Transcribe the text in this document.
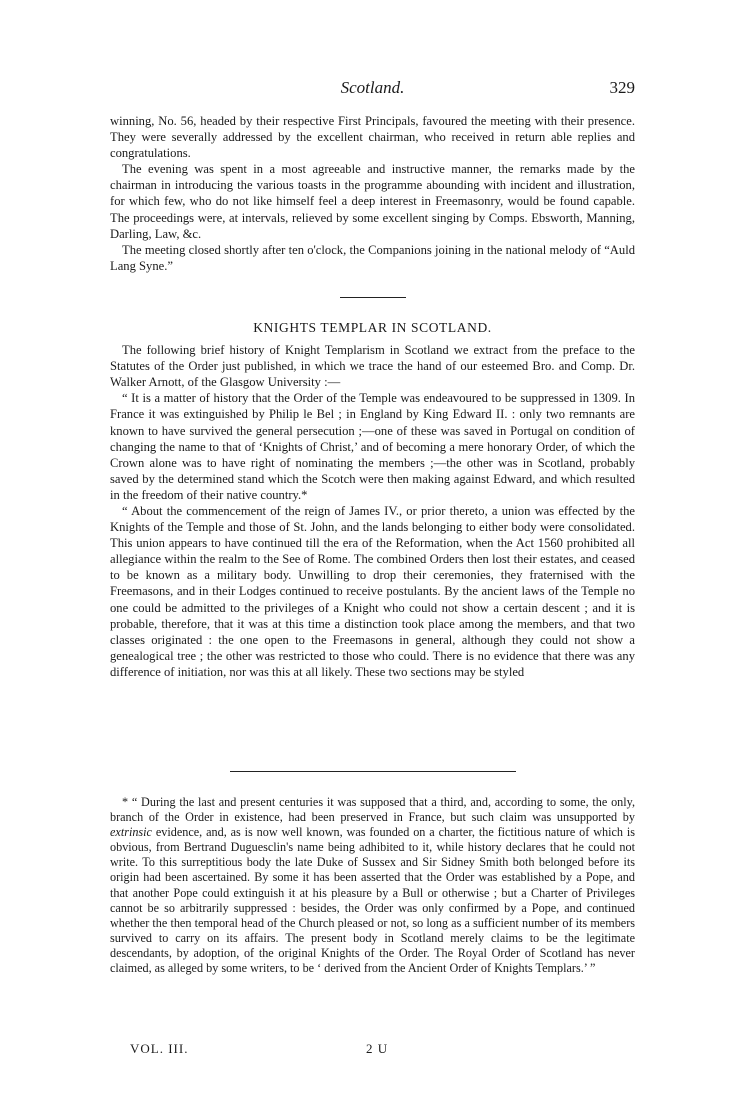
Scotland.	329

winning, No. 56, headed by their respective First Principals, favoured the meeting with their presence. They were severally addressed by the excellent chairman, who received in return able replies and congratulations.

The evening was spent in a most agreeable and instructive manner, the remarks made by the chairman in introducing the various toasts in the programme abounding with incident and illustration, for which few, who do not like himself feel a deep interest in Freemasonry, would be found capable. The proceedings were, at intervals, relieved by some excellent singing by Comps. Ebsworth, Manning, Darling, Law, &c.

The meeting closed shortly after ten o'clock, the Companions joining in the national melody of “Auld Lang Syne.”

KNIGHTS TEMPLAR IN SCOTLAND.

The following brief history of Knight Templarism in Scotland we extract from the preface to the Statutes of the Order just published, in which we trace the hand of our esteemed Bro. and Comp. Dr. Walker Arnott, of the Glasgow University :—

“ It is a matter of history that the Order of the Temple was endeavoured to be suppressed in 1309. In France it was extinguished by Philip le Bel ; in England by King Edward II. : only two remnants are known to have survived the general persecution ;—one of these was saved in Portugal on condition of changing the name to that of ‘Knights of Christ,’ and of becoming a mere honorary Order, of which the Crown alone was to have right of nominating the members ;—the other was in Scotland, probably saved by the determined stand which the Scotch were then making against Edward, and which resulted in the freedom of their native country.*

“ About the commencement of the reign of James IV., or prior thereto, a union was effected by the Knights of the Temple and those of St. John, and the lands belonging to either body were consolidated. This union appears to have continued till the era of the Reformation, when the Act 1560 prohibited all allegiance within the realm to the See of Rome. The combined Orders then lost their estates, and ceased to be known as a military body. Unwilling to drop their ceremonies, they fraternised with the Freemasons, and in their Lodges continued to receive postulants. By the ancient laws of the Temple no one could be admitted to the privileges of a Knight who could not show a certain descent ; and it is probable, therefore, that it was at this time a distinction took place among the members, and that two classes originated : the one open to the Freemasons in general, although they could not show a genealogical tree ; the other was restricted to those who could. There is no evidence that there was any difference of initiation, nor was this at all likely. These two sections may be styled

* “ During the last and present centuries it was supposed that a third, and, according to some, the only, branch of the Order in existence, had been preserved in France, but such claim was unsupported by extrinsic evidence, and, as is now well known, was founded on a charter, the fictitious nature of which is obvious, from Bertrand Duguesclin's name being adhibited to it, while history declares that he could not write. To this surreptitious body the late Duke of Sussex and Sir Sidney Smith both belonged before its origin had been ascertained. By some it has been asserted that the Order was established by a Pope, and that another Pope could extinguish it at his pleasure by a Bull or otherwise ; but a Charter of Privileges cannot be so arbitrarily suppressed : besides, the Order was only confirmed by a Pope, and continued whether the then temporal head of the Church pleased or not, so long as a sufficient number of its members survived to carry on its affairs. The present body in Scotland merely claims to be the legitimate descendants, by adoption, of the original Knights of the Order. The Royal Order of Scotland has never claimed, as alleged by some writers, to be ‘ derived from the Ancient Order of Knights Templars.’ ”

VOL. III.	2 U
